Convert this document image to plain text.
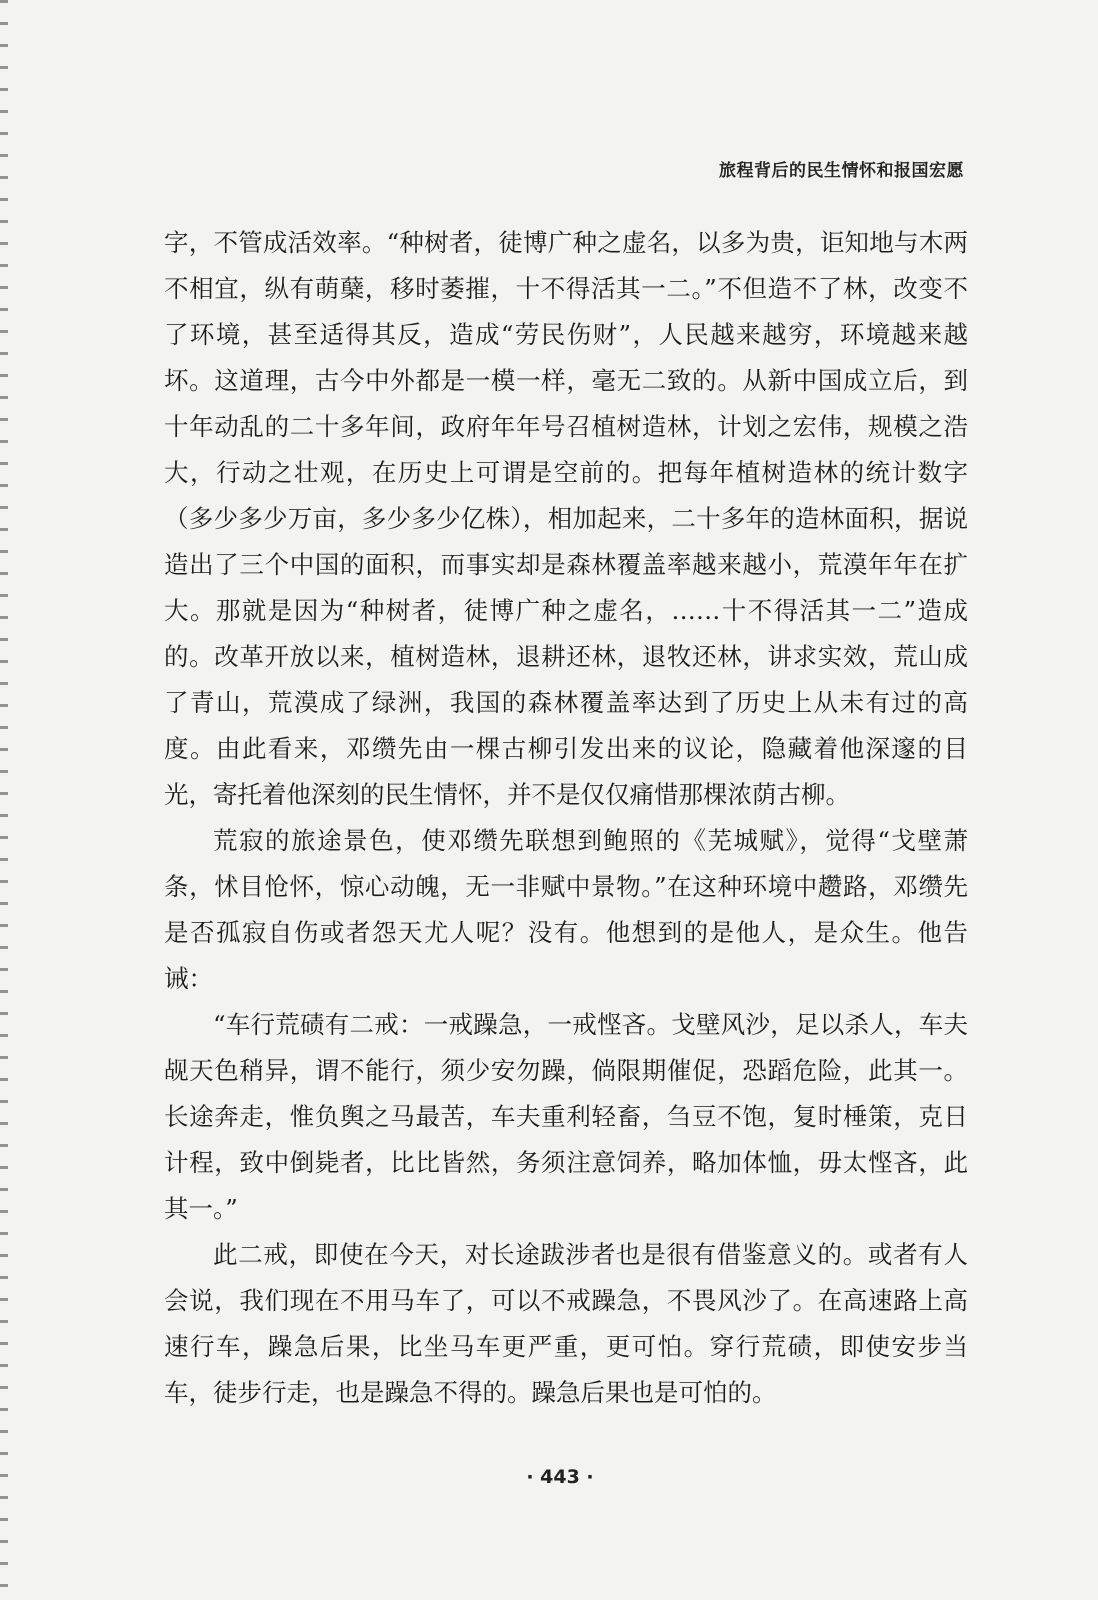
旅程背后的民生情怀和报国宏愿

字，不管成活效率。“种树者，徒博广种之虚名，以多为贵，讵知地与木两不相宜，纵有萌蘖，移时萎摧，十不得活其一二。”不但造不了林，改变不了环境，甚至适得其反，造成“劳民伤财”，人民越来越穷，环境越来越坏。这道理，古今中外都是一模一样，毫无二致的。从新中国成立后，到十年动乱的二十多年间，政府年年号召植树造林，计划之宏伟，规模之浩大，行动之壮观，在历史上可谓是空前的。把每年植树造林的统计数字（多少多少万亩，多少多少亿株），相加起来，二十多年的造林面积，据说造出了三个中国的面积，而事实却是森林覆盖率越来越小，荒漠年年在扩大。那就是因为“种树者，徒博广种之虚名，……十不得活其一二”造成的。改革开放以来，植树造林，退耕还林，退牧还林，讲求实效，荒山成了青山，荒漠成了绿洲，我国的森林覆盖率达到了历史上从未有过的高度。由此看来，邓缵先由一棵古柳引发出来的议论，隐藏着他深邃的目光，寄托着他深刻的民生情怀，并不是仅仅痛惜那棵浓荫古柳。

荒寂的旅途景色，使邓缵先联想到鲍照的《芜城赋》，觉得“戈壁萧条，怵目怆怀，惊心动魄，无一非赋中景物。”在这种环境中趱路，邓缵先是否孤寂自伤或者怨天尤人呢？没有。他想到的是他人，是众生。他告诫：

“车行荒碛有二戒：一戒躁急，一戒悭吝。戈壁风沙，足以杀人，车夫觇天色稍异，谓不能行，须少安勿躁，倘限期催促，恐蹈危险，此其一。长途奔走，惟负舆之马最苦，车夫重利轻畜，刍豆不饱，复时棰策，克日计程，致中倒毙者，比比皆然，务须注意饲养，略加体恤，毋太悭吝，此其一。”

此二戒，即使在今天，对长途跋涉者也是很有借鉴意义的。或者有人会说，我们现在不用马车了，可以不戒躁急，不畏风沙了。在高速路上高速行车，躁急后果，比坐马车更严重，更可怕。穿行荒碛，即使安步当车，徒步行走，也是躁急不得的。躁急后果也是可怕的。

· 443 ·
